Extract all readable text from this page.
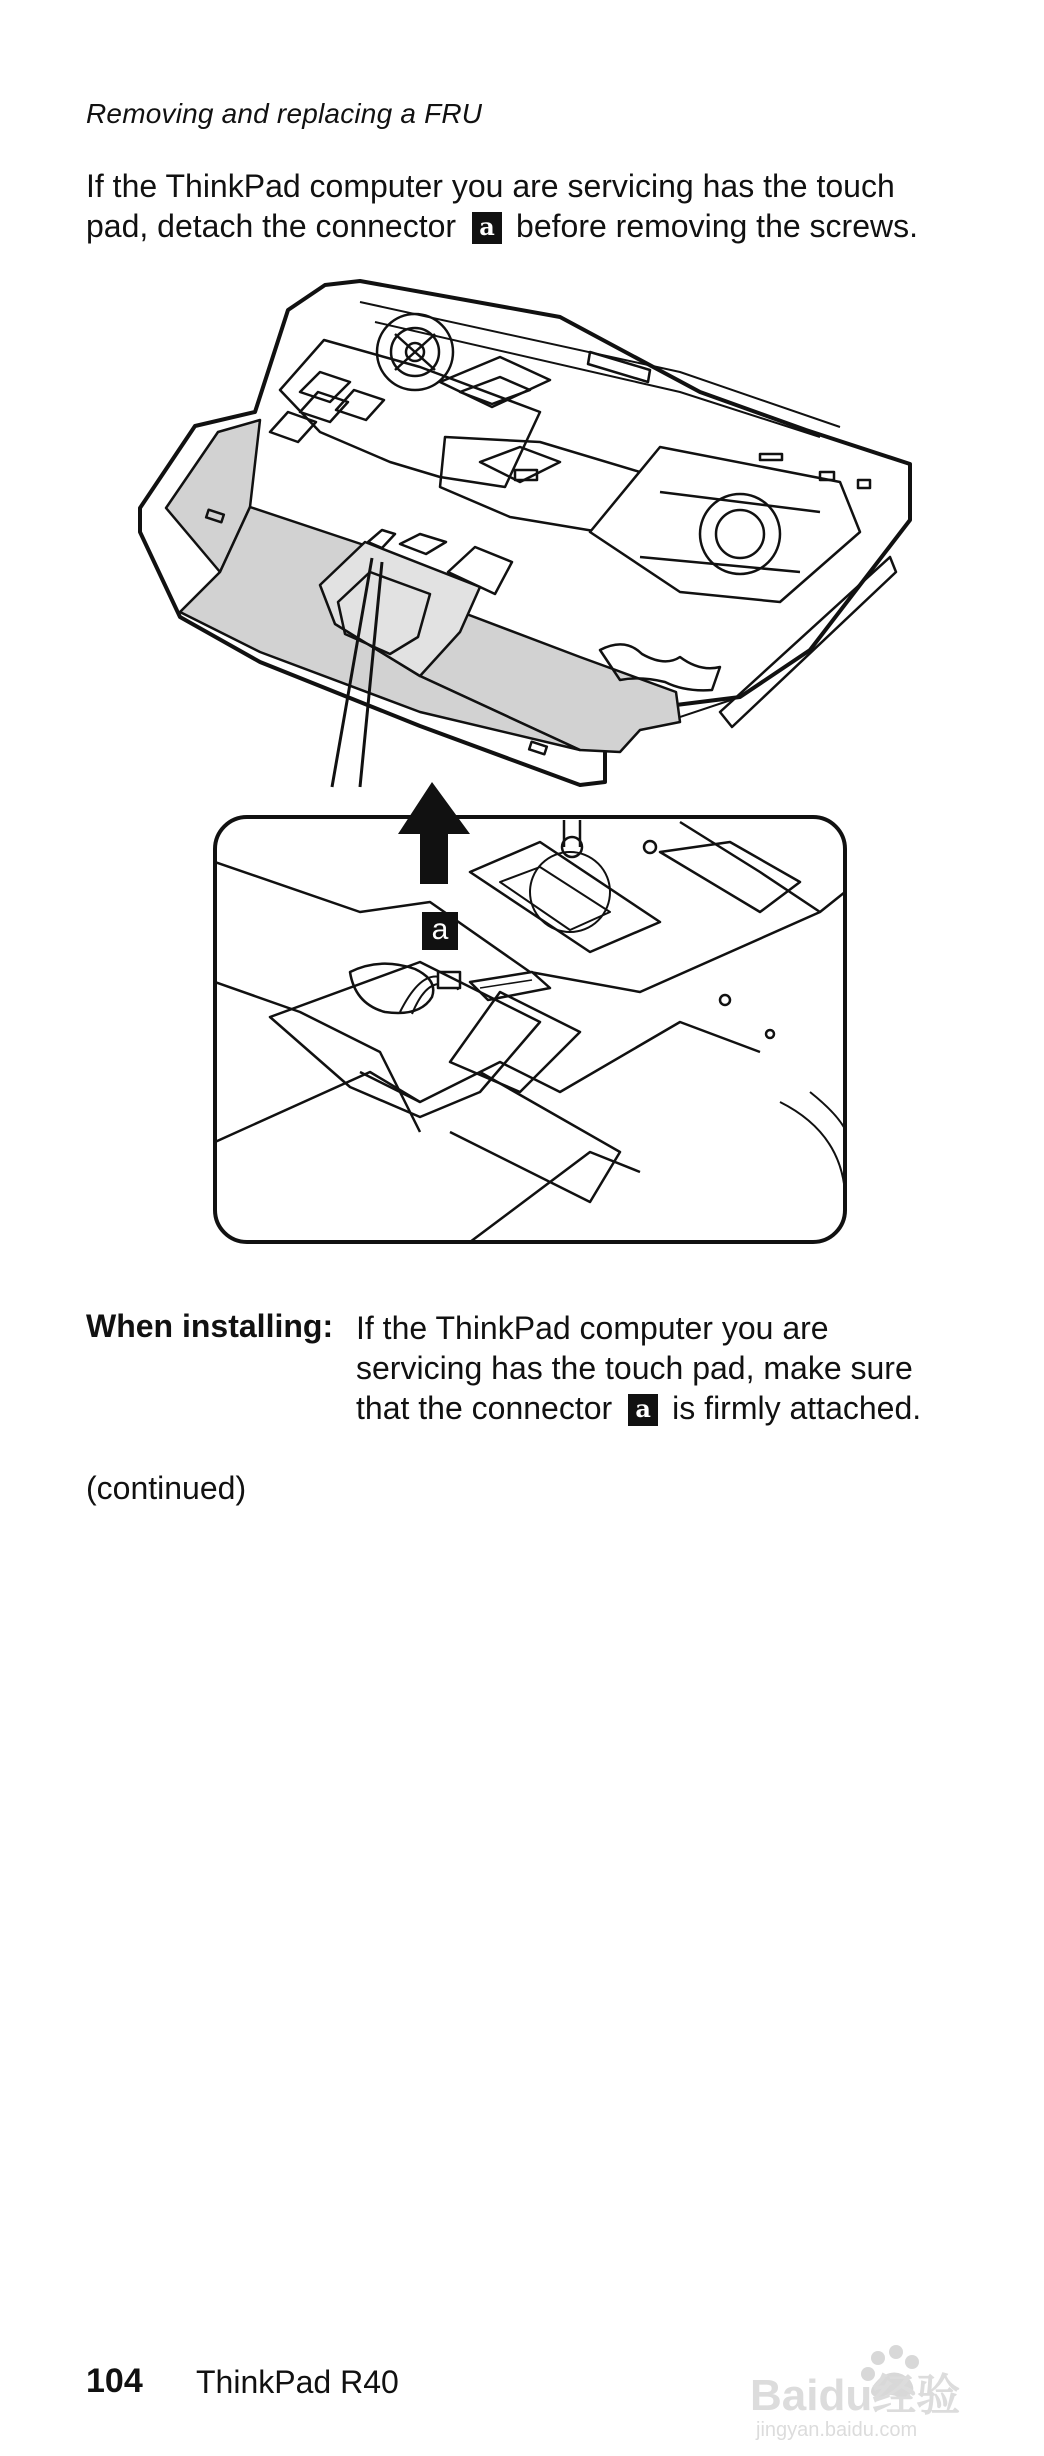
Removing and replacing a FRU
If the ThinkPad computer you are servicing has the touch
pad, detach the connector a before removing the screws.
a
When installing: If the ThinkPad computer you are
servicing has the touch pad, make sure
that the connector a is firmly attached.
(continued)
104 ThinkPad R40	Baidu经验
jingyan.baidu.com
